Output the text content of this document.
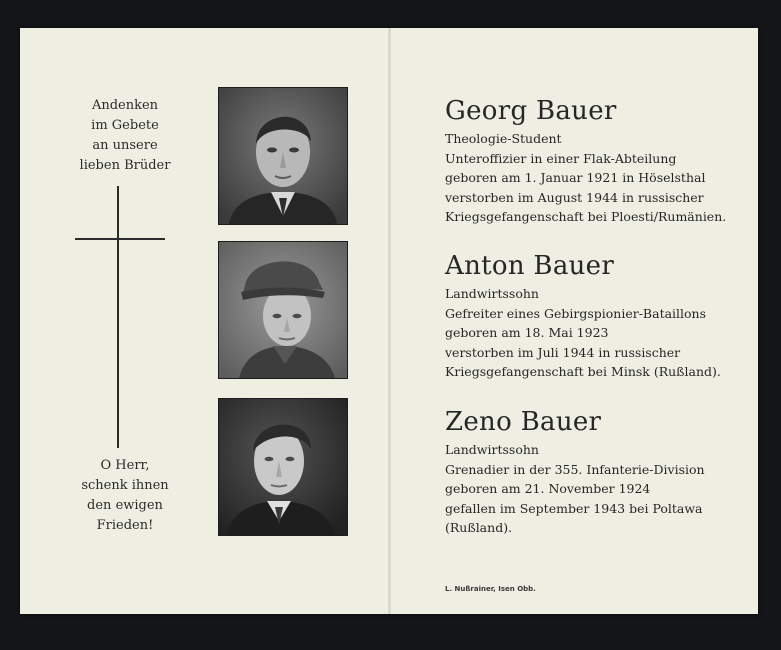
Andenken
im Gebete
an unsere
lieben Brüder
O Herr,
schenk ihnen
den ewigen
Frieden!
Georg Bauer
Theologie-Student
Unteroffizier in einer Flak-Abteilung
geboren am 1. Januar 1921 in Höselsthal
verstorben im August 1944 in russischer
Kriegsgefangenschaft bei Ploesti/Rumänien.
Anton Bauer
Landwirtssohn
Gefreiter eines Gebirgspionier-Bataillons
geboren am 18. Mai 1923
verstorben im Juli 1944 in russischer
Kriegsgefangenschaft bei Minsk (Rußland).
Zeno Bauer
Landwirtssohn
Grenadier in der 355. Infanterie-Division
geboren am 21. November 1924
gefallen im September 1943 bei Poltawa
(Rußland).
L. Nußrainer, Isen Obb.
